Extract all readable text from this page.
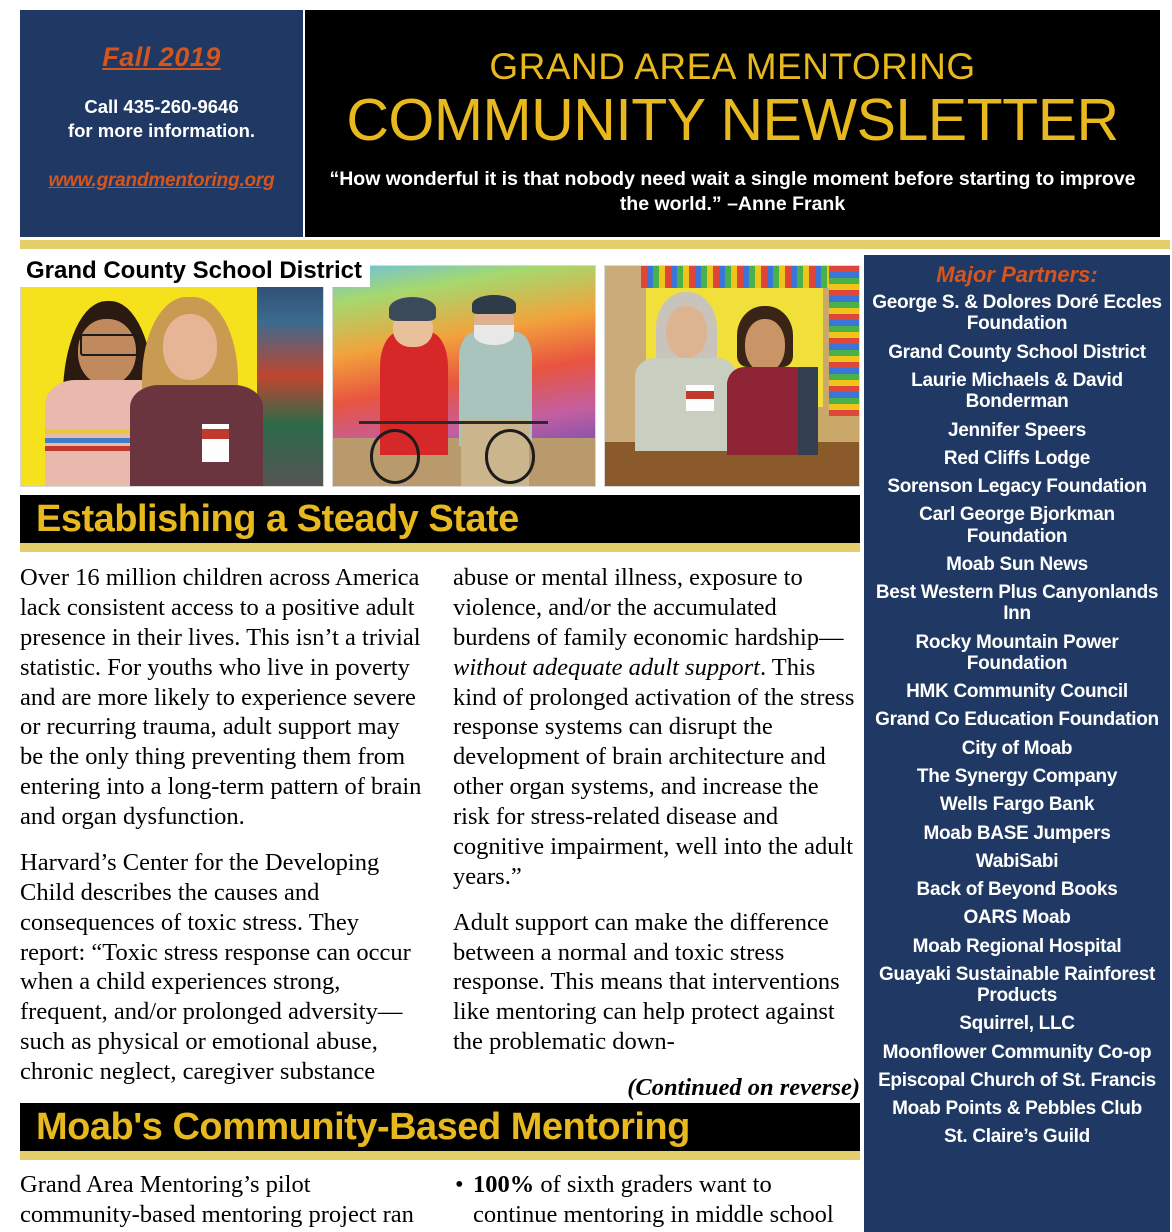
Fall 2019
Call 435-260-9646
for more information.
www.grandmentoring.org
GRAND AREA MENTORING
COMMUNITY NEWSLETTER
“How wonderful it is that nobody need wait a single moment before starting to improve the world.” –Anne Frank
Grand County School District
Establishing a Steady State

Over 16 million children across America lack consistent access to a positive adult presence in their lives. This isn’t a trivial statistic. For youths who live in poverty and are more likely to experience severe or recurring trauma, adult support may be the only thing preventing them from entering into a long-term pattern of brain and organ dysfunction.

Harvard’s Center for the Developing Child describes the causes and consequences of toxic stress. They report: “Toxic stress response can occur when a child experiences strong, frequent, and/or prolonged adversity—such as physical or emotional abuse, chronic neglect, caregiver substance

abuse or mental illness, exposure to violence, and/or the accumulated burdens of family economic hardship—without adequate adult support. This kind of prolonged activation of the stress response systems can disrupt the development of brain architecture and other organ systems, and increase the risk for stress-related disease and cognitive impairment, well into the adult years.”

Adult support can make the difference between a normal and toxic stress response. This means that interventions like mentoring can help protect against the problematic down-

(Continued on reverse)

Moab's Community-Based Mentoring

Grand Area Mentoring’s pilot community-based mentoring project ran

• 100% of sixth graders want to continue mentoring in middle school
Major Partners:
George S. & Dolores Doré Eccles Foundation
Grand County School District
Laurie Michaels & David Bonderman
Jennifer Speers
Red Cliffs Lodge
Sorenson Legacy Foundation
Carl George Bjorkman Foundation
Moab Sun News
Best Western Plus Canyonlands Inn
Rocky Mountain Power Foundation
HMK Community Council
Grand Co Education Foundation
City of Moab
The Synergy Company
Wells Fargo Bank
Moab BASE Jumpers
WabiSabi
Back of Beyond Books
OARS Moab
Moab Regional Hospital
Guayaki Sustainable Rainforest Products
Squirrel, LLC
Moonflower Community Co-op
Episcopal Church of St. Francis
Moab Points & Pebbles Club
St. Claire’s Guild
